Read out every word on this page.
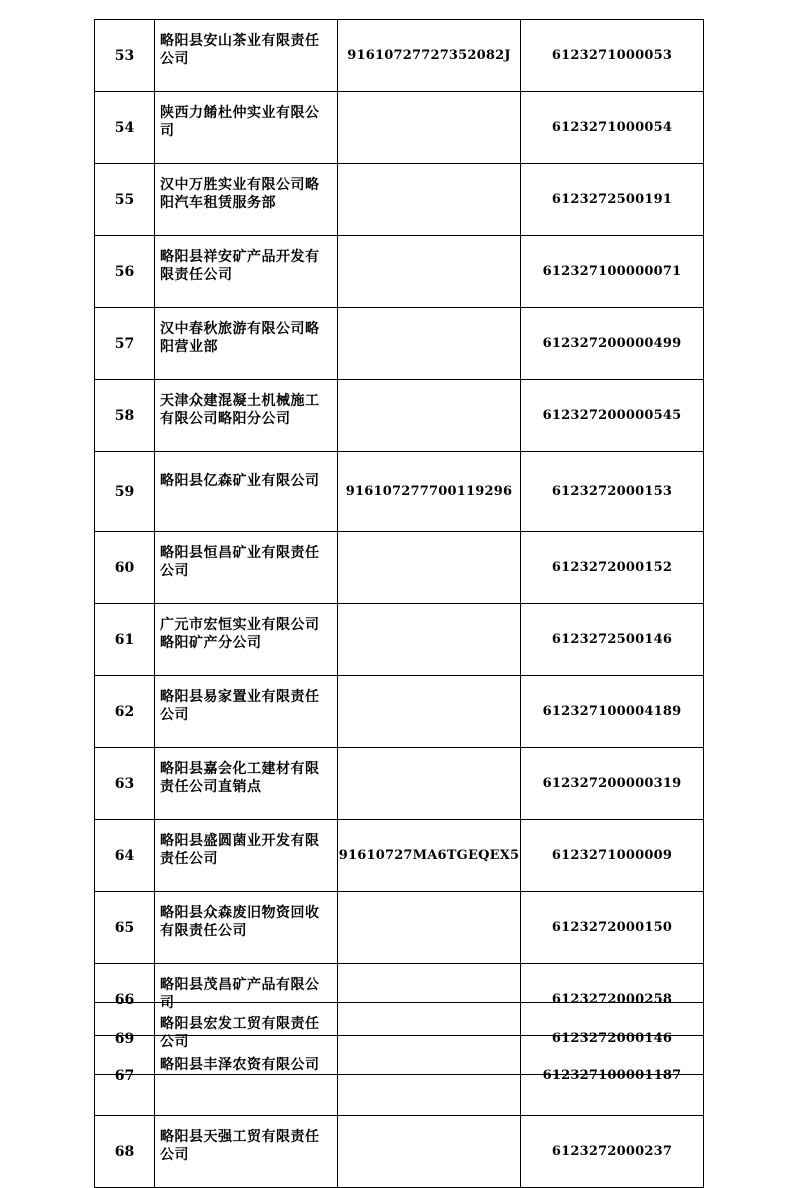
53	略阳县安山茶业有限责任公司	91610727727352082J	6123271000053
54	陕西力餚杜仲实业有限公司		6123271000054
55	汉中万胜实业有限公司略阳汽车租赁服务部		6123272500191
56	略阳县祥安矿产品开发有限责任公司		612327100000071
57	汉中春秋旅游有限公司略阳营业部		612327200000499
58	天津众建混凝土机械施工有限公司略阳分公司		612327200000545
59	略阳县亿森矿业有限公司	916107277700119296	6123272000153
60	略阳县恒昌矿业有限责任公司		6123272000152
61	广元市宏恒实业有限公司略阳矿产分公司		6123272500146
62	略阳县易家置业有限责任公司		612327100004189
63	略阳县嘉会化工建材有限责任公司直销点		612327200000319
64	略阳县盛圆菌业开发有限责任公司	91610727MA6TGEQEX5	6123271000009
65	略阳县众森废旧物资回收有限责任公司		6123272000150
66	略阳县茂昌矿产品有限公司		6123272000258
67	略阳县丰泽农资有限公司		612327100001187
68	略阳县天强工贸有限责任公司		6123272000237
69	略阳县宏发工贸有限责任公司		6123272000146
